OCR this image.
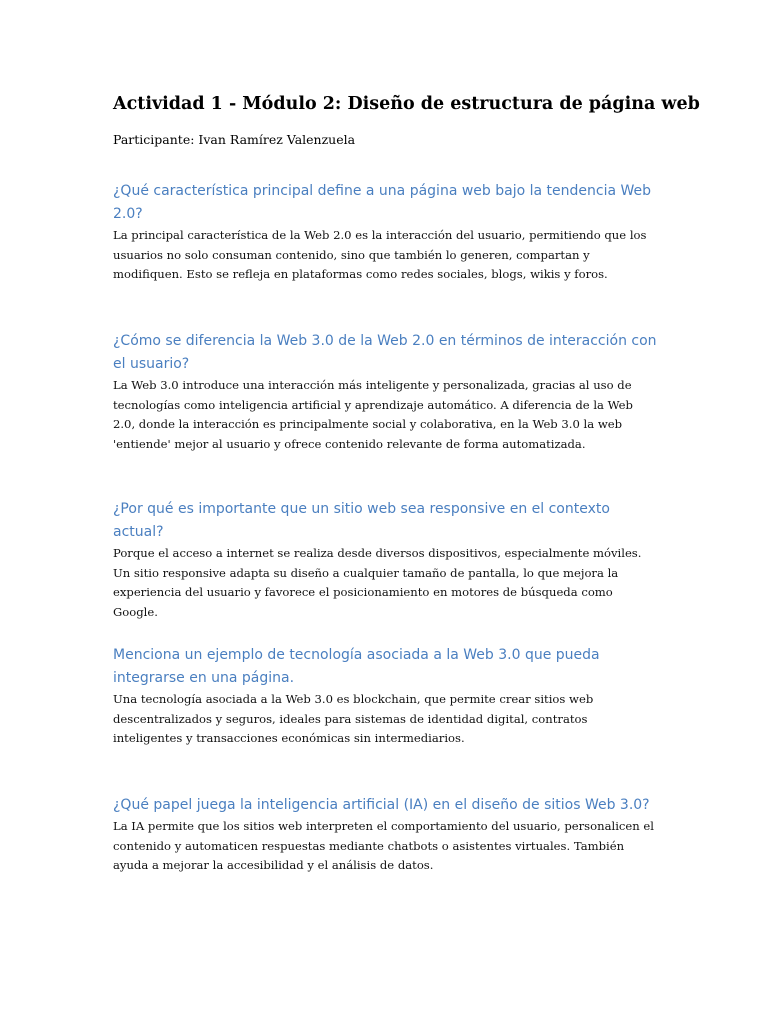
Actividad 1 - Módulo 2: Diseño de estructura de página web

Participante: Ivan Ramírez Valenzuela

¿Qué característica principal define a una página web bajo la tendencia Web 2.0?

La principal característica de la Web 2.0 es la interacción del usuario, permitiendo que los usuarios no solo consuman contenido, sino que también lo generen, compartan y modifiquen. Esto se refleja en plataformas como redes sociales, blogs, wikis y foros.

¿Cómo se diferencia la Web 3.0 de la Web 2.0 en términos de interacción con el usuario?

La Web 3.0 introduce una interacción más inteligente y personalizada, gracias al uso de tecnologías como inteligencia artificial y aprendizaje automático. A diferencia de la Web 2.0, donde la interacción es principalmente social y colaborativa, en la Web 3.0 la web 'entiende' mejor al usuario y ofrece contenido relevante de forma automatizada.

¿Por qué es importante que un sitio web sea responsive en el contexto actual?

Porque el acceso a internet se realiza desde diversos dispositivos, especialmente móviles. Un sitio responsive adapta su diseño a cualquier tamaño de pantalla, lo que mejora la experiencia del usuario y favorece el posicionamiento en motores de búsqueda como Google.

Menciona un ejemplo de tecnología asociada a la Web 3.0 que pueda integrarse en una página.

Una tecnología asociada a la Web 3.0 es blockchain, que permite crear sitios web descentralizados y seguros, ideales para sistemas de identidad digital, contratos inteligentes y transacciones económicas sin intermediarios.

¿Qué papel juega la inteligencia artificial (IA) en el diseño de sitios Web 3.0?

La IA permite que los sitios web interpreten el comportamiento del usuario, personalicen el contenido y automaticen respuestas mediante chatbots o asistentes virtuales. También ayuda a mejorar la accesibilidad y el análisis de datos.
